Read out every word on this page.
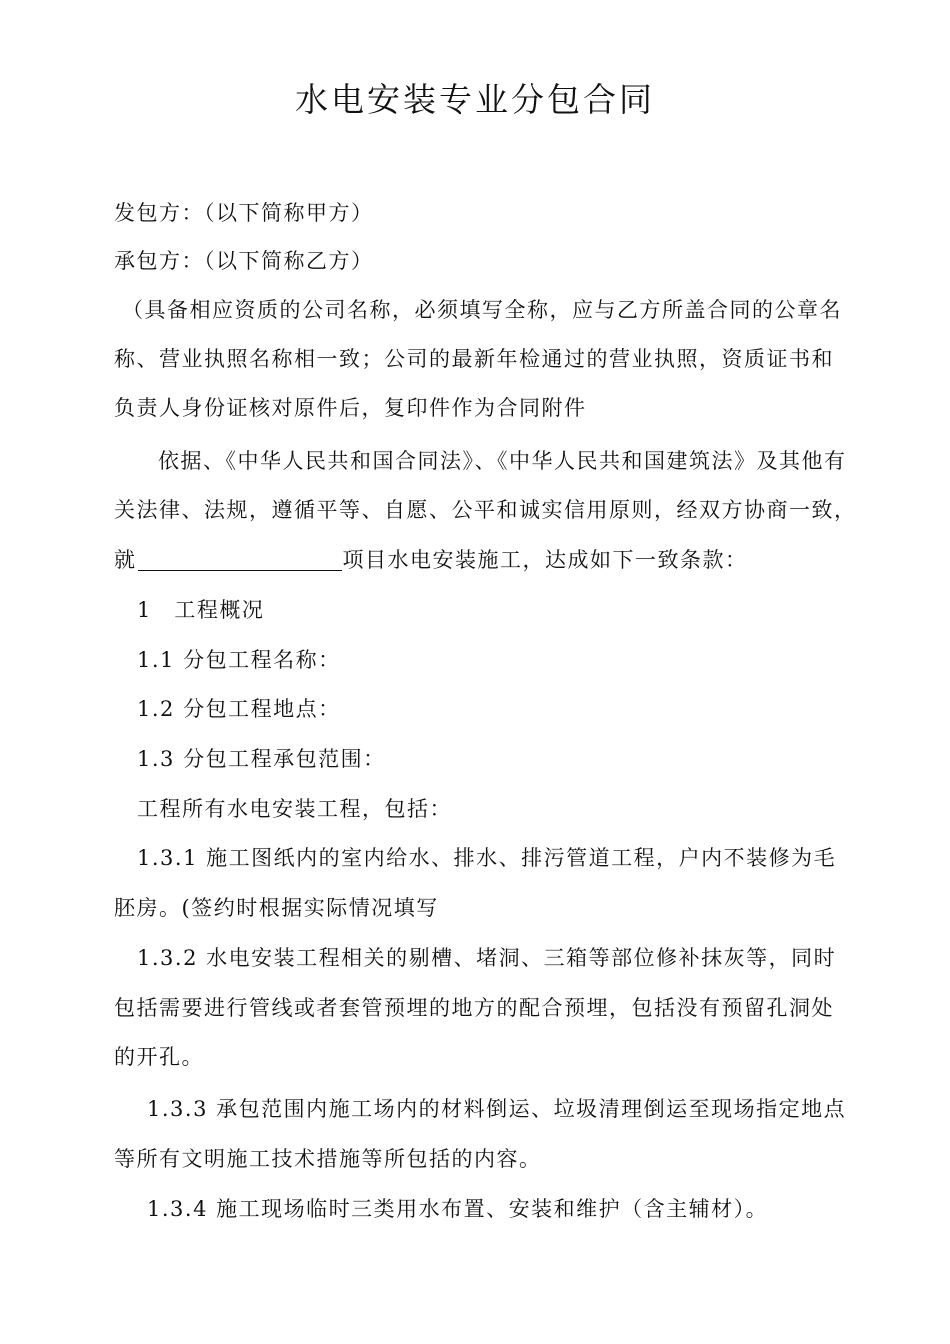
水电安装专业分包合同
发包方：（以下简称甲方）
承包方：（以下简称乙方）
（具备相应资质的公司名称，必须填写全称，应与乙方所盖合同的公章名
称、营业执照名称相一致；公司的最新年检通过的营业执照，资质证书和
负责人身份证核对原件后，复印件作为合同附件
依据、《中华人民共和国合同法》、《中华人民共和国建筑法》及其他有
关法律、法规，遵循平等、自愿、公平和诚实信用原则，经双方协商一致，
就	项目水电安装施工，达成如下一致条款：
1　工程概况
1.1 分包工程名称：
1.2 分包工程地点：
1.3 分包工程承包范围：
工程所有水电安装工程，包括：
1.3.1 施工图纸内的室内给水、排水、排污管道工程，户内不装修为毛
胚房。(签约时根据实际情况填写
1.3.2 水电安装工程相关的剔槽、堵洞、三箱等部位修补抹灰等，同时
包括需要进行管线或者套管预埋的地方的配合预埋，包括没有预留孔洞处
的开孔。
1.3.3 承包范围内施工场内的材料倒运、垃圾清理倒运至现场指定地点
等所有文明施工技术措施等所包括的内容。
1.3.4 施工现场临时三类用水布置、安装和维护（含主辅材）。
